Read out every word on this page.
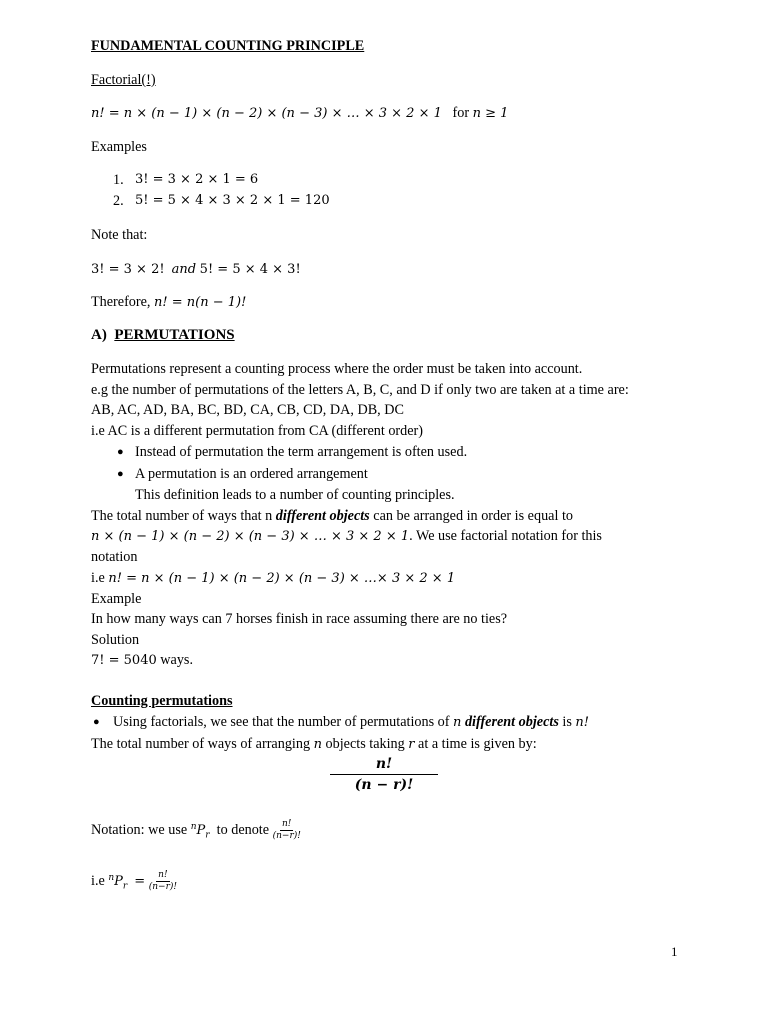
FUNDAMENTAL COUNTING PRINCIPLE
Factorial(!)
n! = n × (n − 1) × (n − 2) × (n − 3) × … × 3 × 2 × 1 for n ≥ 1
Examples
1. 3! = 3 × 2 × 1 = 6
2. 5! = 5 × 4 × 3 × 2 × 1 = 120
Note that:
3! = 3 × 2! and 5! = 5 × 4 × 3!
Therefore, n! = n(n − 1)!
A) PERMUTATIONS
Permutations represent a counting process where the order must be taken into account.
e.g the number of permutations of the letters A, B, C, and D if only two are taken at a time are:
AB, AC, AD, BA, BC, BD, CA, CB, CD, DA, DB, DC
i.e AC is a different permutation from CA (different order)
● Instead of permutation the term arrangement is often used.
● A permutation is an ordered arrangement
This definition leads to a number of counting principles.
The total number of ways that n different objects can be arranged in order is equal to
n × (n − 1) × (n − 2) × (n − 3) × … × 3 × 2 × 1. We use factorial notation for this
notation
i.e n! = n × (n − 1) × (n − 2) × (n − 3) × …× 3 × 2 × 1
Example
In how many ways can 7 horses finish in race assuming there are no ties?
Solution
7! = 5040 ways.
Counting permutations
● Using factorials, we see that the number of permutations of n different objects is n!
The total number of ways of arranging n objects taking r at a time is given by:
$\frac{n!}{(n - r)!}$
Notation: we use $^nP_r$ to denote $\frac{n!}{(n-r)!}$
i.e $^nP_r = \frac{n!}{(n-r)!}$
1
